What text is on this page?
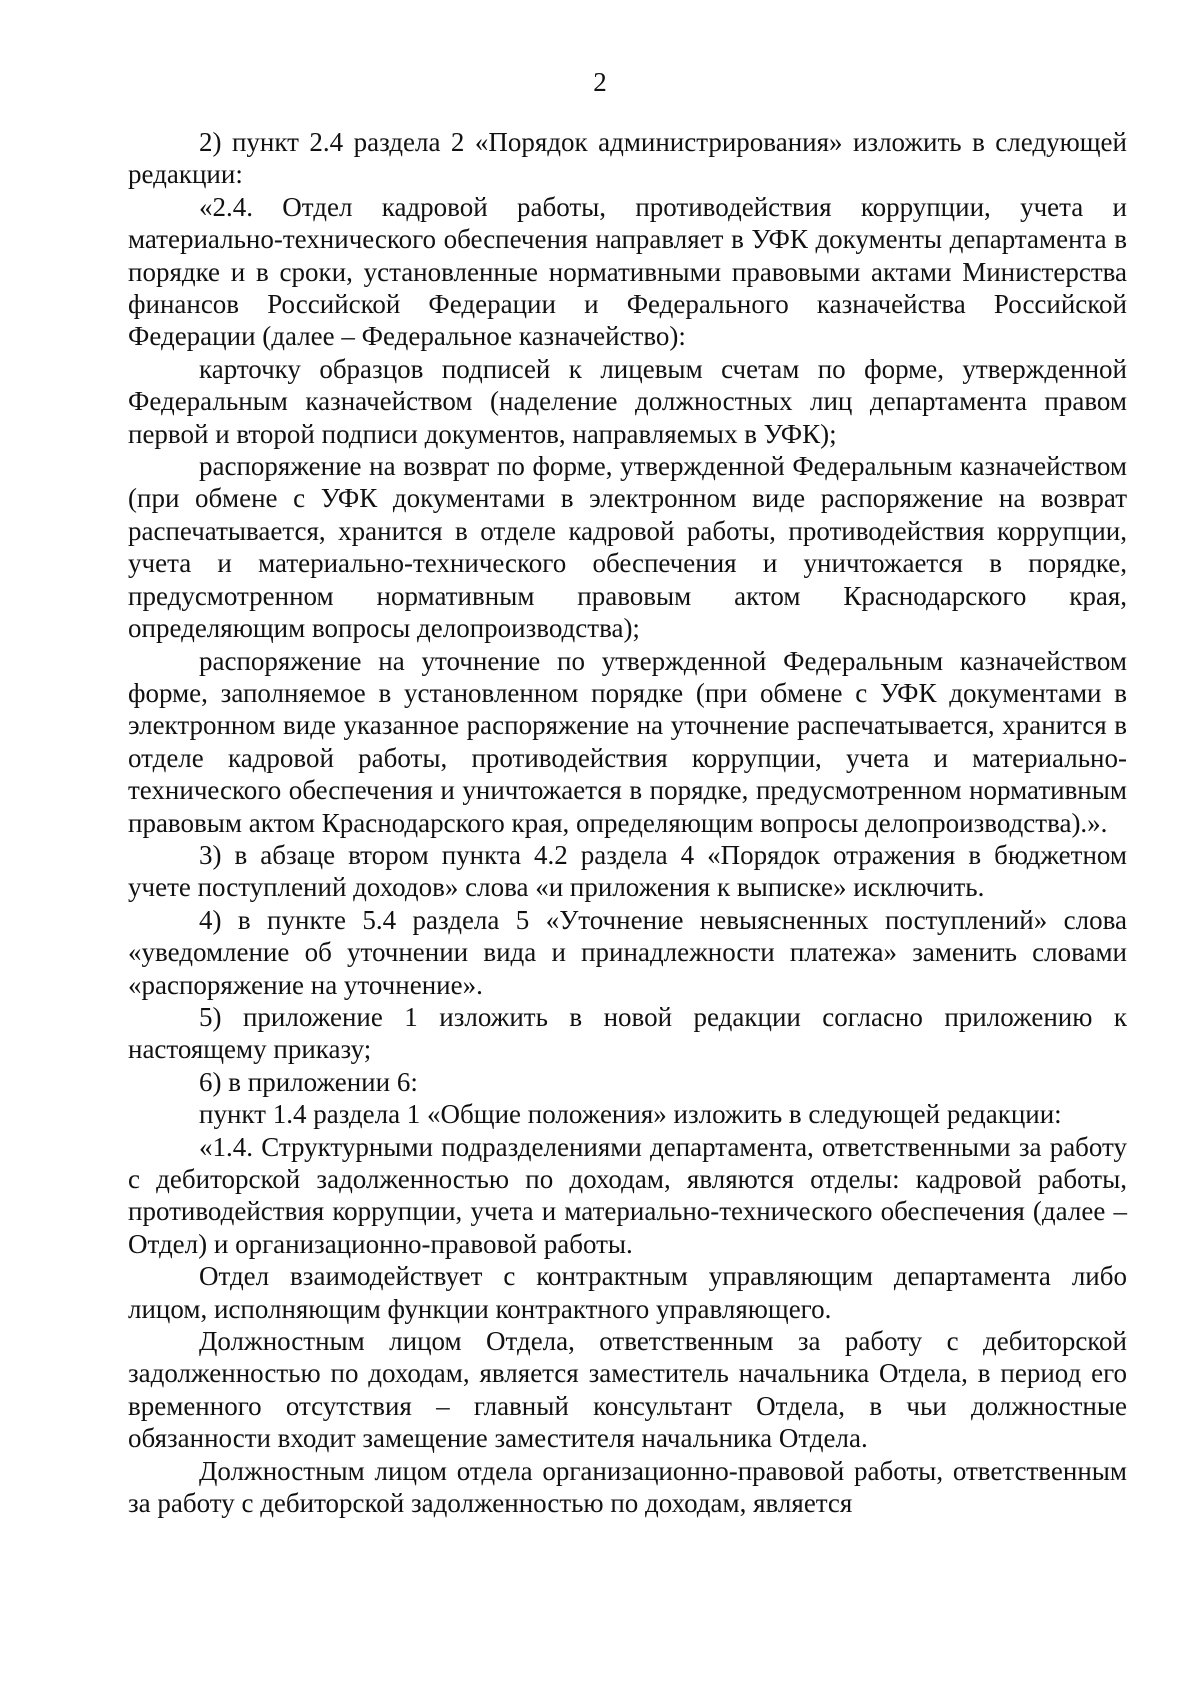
2

2) пункт 2.4 раздела 2 «Порядок администрирования» изложить в следующей редакции:

«2.4. Отдел кадровой работы, противодействия коррупции, учета и материально-технического обеспечения направляет в УФК документы департамента в порядке и в сроки, установленные нормативными правовыми актами Министерства финансов Российской Федерации и Федерального казначейства Российской Федерации (далее – Федеральное казначейство):

карточку образцов подписей к лицевым счетам по форме, утвержденной Федеральным казначейством (наделение должностных лиц департамента правом первой и второй подписи документов, направляемых в УФК);

распоряжение на возврат по форме, утвержденной Федеральным казначейством (при обмене с УФК документами в электронном виде распоряжение на возврат распечатывается, хранится в отделе кадровой работы, противодействия коррупции, учета и материально-технического обеспечения и уничтожается в порядке, предусмотренном нормативным правовым актом Краснодарского края, определяющим вопросы делопроизводства);

распоряжение на уточнение по утвержденной Федеральным казначейством форме, заполняемое в установленном порядке (при обмене с УФК документами в электронном виде указанное распоряжение на уточнение распечатывается, хранится в отделе кадровой работы, противодействия коррупции, учета и материально-технического обеспечения и уничтожается в порядке, предусмотренном нормативным правовым актом Краснодарского края, определяющим вопросы делопроизводства).».

3) в абзаце втором пункта 4.2 раздела 4 «Порядок отражения в бюджетном учете поступлений доходов» слова «и приложения к выписке» исключить.

4) в пункте 5.4 раздела 5 «Уточнение невыясненных поступлений» слова «уведомление об уточнении вида и принадлежности платежа» заменить словами «распоряжение на уточнение».

5) приложение 1 изложить в новой редакции согласно приложению к настоящему приказу;

6) в приложении 6:

пункт 1.4 раздела 1 «Общие положения» изложить в следующей редакции:

«1.4. Структурными подразделениями департамента, ответственными за работу с дебиторской задолженностью по доходам, являются отделы: кадровой работы, противодействия коррупции, учета и материально-технического обеспечения (далее – Отдел) и организационно-правовой работы.

Отдел взаимодействует с контрактным управляющим департамента либо лицом, исполняющим функции контрактного управляющего.

Должностным лицом Отдела, ответственным за работу с дебиторской задолженностью по доходам, является заместитель начальника Отдела, в период его временного отсутствия – главный консультант Отдела, в чьи должностные обязанности входит замещение заместителя начальника Отдела.

Должностным лицом отдела организационно-правовой работы, ответственным за работу с дебиторской задолженностью по доходам, является
